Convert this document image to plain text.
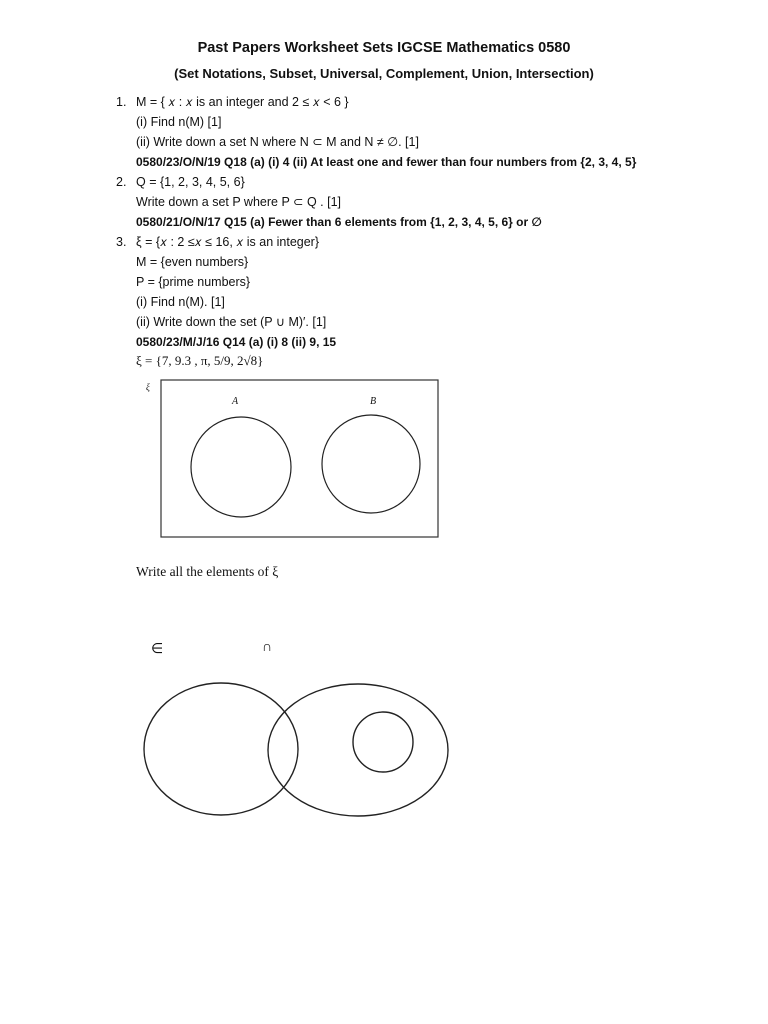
Past Papers Worksheet Sets IGCSE Mathematics 0580
(Set Notations, Subset, Universal, Complement, Union, Intersection)
1. M = { 𝑥 : 𝑥 is an integer and 2 ≤ 𝑥 < 6 }
(i) Find n(M) [1]
(ii) Write down a set N where N ⊂ M and N ≠ ∅. [1]
0580/23/O/N/19 Q18 (a) (i) 4 (ii) At least one and fewer than four numbers from {2, 3, 4, 5}
2. Q = {1, 2, 3, 4, 5, 6}
Write down a set P where P ⊂ Q . [1]
0580/21/O/N/17 Q15 (a) Fewer than 6 elements from {1, 2, 3, 4, 5, 6} or ∅
3. ξ = {𝑥 : 2 ≤𝑥 ≤ 16, 𝑥 is an integer}
M = {even numbers}
P = {prime numbers}
(i) Find n(M). [1]
(ii) Write down the set (P ∪ M)′. [1]
0580/23/M/J/16 Q14 (a) (i) 8 (ii) 9, 15
ξ = {7, 9.3 , π, 5/9, 2√8}
ξ
A	B
Write all the elements of ξ
∈	∩
